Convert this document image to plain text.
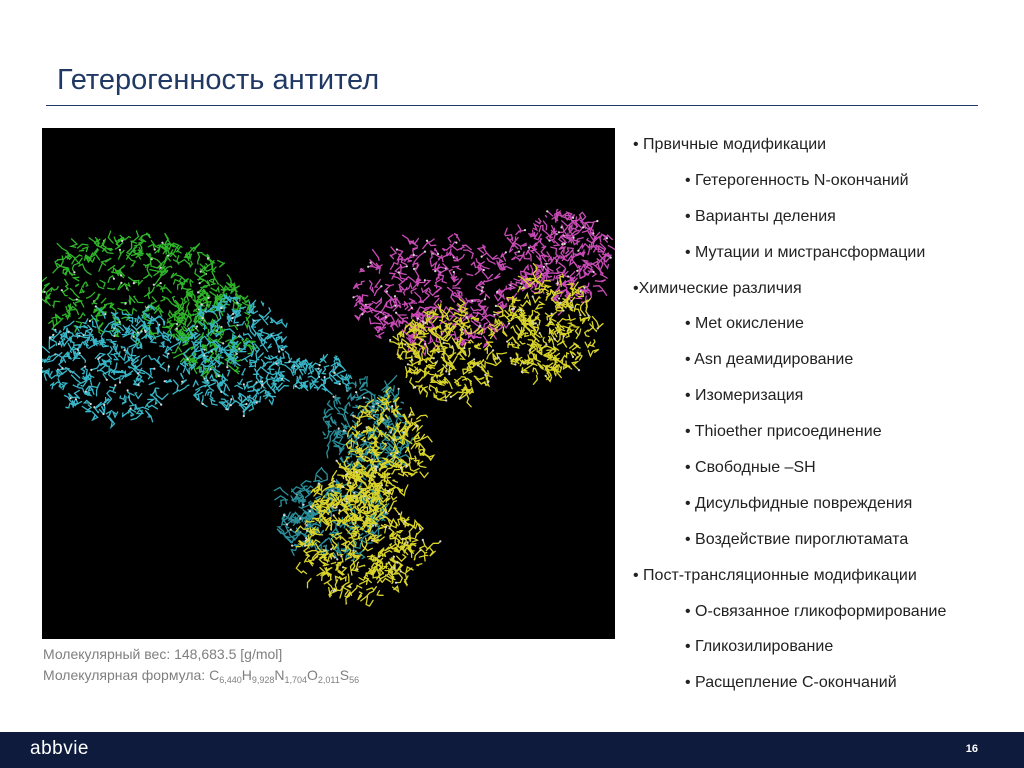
Гетерогенность антител
Молекулярный вес: 148,683.5 [g/mol]
Молекулярная формула: $C_{6,440}H_{9,928}N_{1,704}O_{2,011}S_{56}$
• Првичные модификации
• Гетерогенность N-окончаний
• Варианты деления
• Мутации и мистрансформации
•Химические различия
• Met окисление
• Asn деамидирование
• Изомеризация
• Thioether присоединение
• Свободные –SH
• Дисульфидные повреждения
• Воздействие пироглютамата
• Пост-трансляционные модификации
• О-связанное гликоформирование
• Гликозилирование
• Расщепление С-окончаний
abbvie	16
